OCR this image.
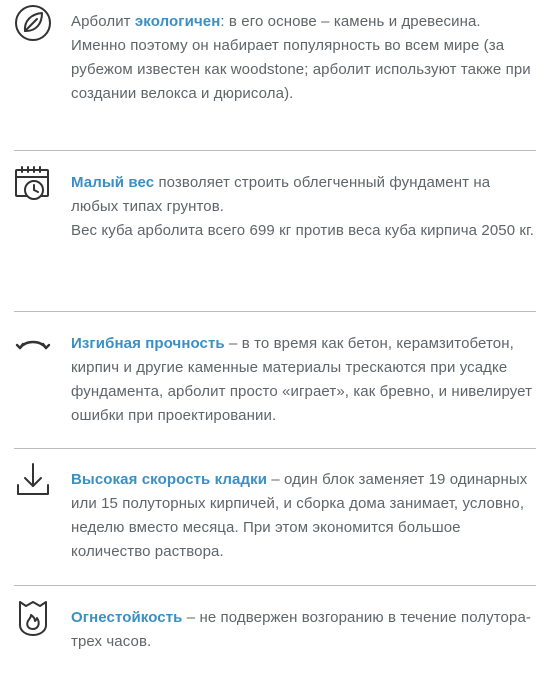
Арболит экологичен: в его основе – камень и древесина. Именно поэтому он набирает популярность во всем мире (за рубежом известен как woodstone; арболит используют также при создании велокса и дюрисола).
Малый вес позволяет строить облегченный фундамент на любых типах грунтов.
Вес куба арболита всего 699 кг против веса куба кирпича 2050 кг.
Изгибная прочность – в то время как бетон, керамзитобетон, кирпич и другие каменные материалы трескаются при усадке фундамента, арболит просто «играет», как бревно, и нивелирует ошибки при проектировании.
Высокая скорость кладки – один блок заменяет 19 одинарных или 15 полуторных кирпичей, и сборка дома занимает, условно, неделю вместо месяца. При этом экономится большое количество раствора.
Огнестойкость – не подвержен возгоранию в течение полутора-трех часов.
